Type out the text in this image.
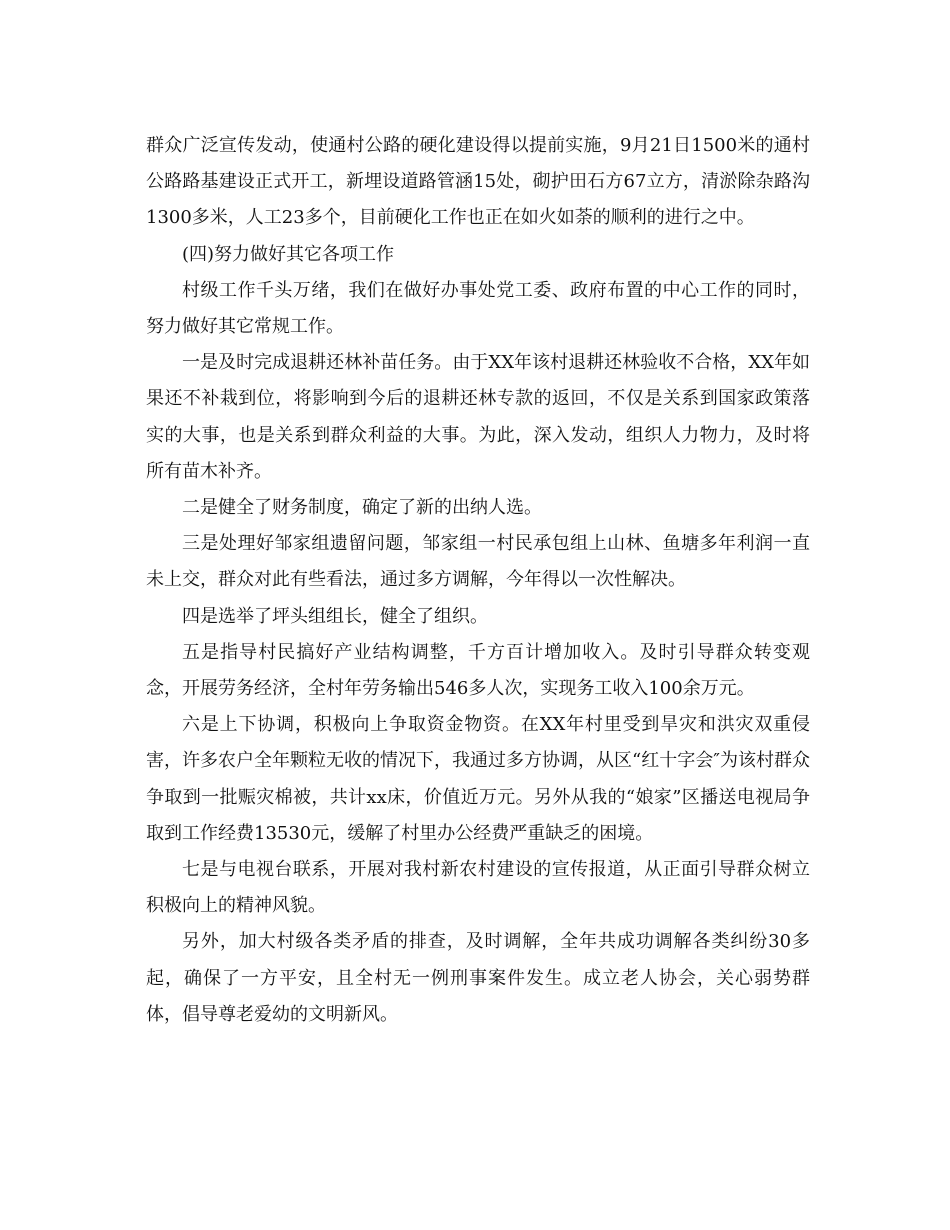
群众广泛宣传发动，使通村公路的硬化建设得以提前实施，9月21日1500米的通村公路路基建设正式开工，新埋设道路管涵15处，砌护田石方67立方，清淤除杂路沟1300多米，人工23多个，目前硬化工作也正在如火如荼的顺利的进行之中。

(四)努力做好其它各项工作

村级工作千头万绪，我们在做好办事处党工委、政府布置的中心工作的同时，努力做好其它常规工作。

一是及时完成退耕还林补苗任务。由于XX年该村退耕还林验收不合格，XX年如果还不补栽到位，将影响到今后的退耕还林专款的返回，不仅是关系到国家政策落实的大事，也是关系到群众利益的大事。为此，深入发动，组织人力物力，及时将所有苗木补齐。

二是健全了财务制度，确定了新的出纳人选。

三是处理好邹家组遗留问题，邹家组一村民承包组上山林、鱼塘多年利润一直未上交，群众对此有些看法，通过多方调解，今年得以一次性解决。

四是选举了坪头组组长，健全了组织。

五是指导村民搞好产业结构调整，千方百计增加收入。及时引导群众转变观念，开展劳务经济，全村年劳务输出546多人次，实现务工收入100余万元。

六是上下协调，积极向上争取资金物资。在XX年村里受到旱灾和洪灾双重侵害，许多农户全年颗粒无收的情况下，我通过多方协调，从区“红十字会″为该村群众争取到一批赈灾棉被，共计xx床，价值近万元。另外从我的“娘家”区播送电视局争取到工作经费13530元，缓解了村里办公经费严重缺乏的困境。

七是与电视台联系，开展对我村新农村建设的宣传报道，从正面引导群众树立积极向上的精神风貌。

另外，加大村级各类矛盾的排查，及时调解，全年共成功调解各类纠纷30多起，确保了一方平安，且全村无一例刑事案件发生。成立老人协会，关心弱势群体，倡导尊老爱幼的文明新风。
